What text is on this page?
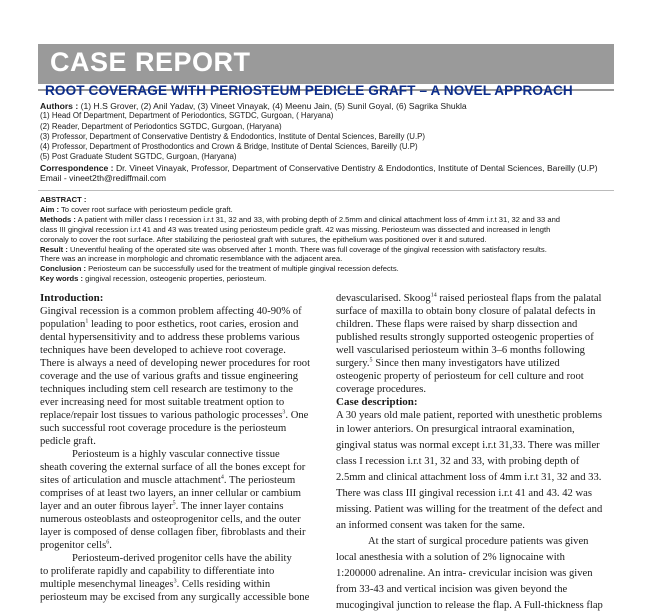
CASE REPORT
ROOT COVERAGE WITH PERIOSTEUM PEDICLE GRAFT – A NOVEL APPROACH
Authors : (1) H.S Grover, (2) Anil Yadav, (3) Vineet Vinayak, (4) Meenu Jain, (5) Sunil Goyal, (6) Sagrika Shukla
(1) Head Of Department, Department of Periodontics, SGTDC, Gurgoan, ( Haryana)
(2) Reader, Department of Periodontics SGTDC, Gurgoan, (Haryana)
(3) Professor, Department of Conservative Dentistry & Endodontics, Institute of Dental Sciences, Bareilly (U.P)
(4) Professor, Department of Prosthodontics and Crown & Bridge, Institute of Dental Sciences, Bareilly (U.P)
(5) Post Graduate Student SGTDC, Gurgoan, (Haryana)
Correspondence : Dr. Vineet Vinayak, Professor, Department of Conservative Dentistry & Endodontics, Institute of Dental Sciences, Bareilly (U.P)
Email - vineet2th@rediffmail.com
ABSTRACT :
Aim : To cover root surface with periosteum pedicle graft.
Methods : A patient with miller class I recession i.r.t 31, 32 and 33, with probing depth of 2.5mm and clinical attachment loss of 4mm i.r.t 31, 32 and 33 and
class III gingival recession i.r.t 41 and 43 was treated using periosteum pedicle graft. 42 was missing. Periosteum was dissected and increased in length
coronaly to cover the root surface. After stabilizing the periosteal graft with sutures, the epithelium was positioned over it and sutured.
Result : Uneventful healing of the operated site was observed after 1 month. There was full coverage of the gingival recession with satisfactory results.
There was an increase in morphologic and chromatic resemblance with the adjacent area.
Conclusion : Periosteum can be successfully used for the treatment of multiple gingival recession defects.
Key words : gingival recession, osteogenic properties, periosteum.
Introduction:
Gingival recession is a common problem affecting 40-90% of
population$^1$ leading to poor esthetics, root caries, erosion and
dental hypersensitivity and to address these problems various
techniques have been developed to achieve root coverage.
There is always a need of developing newer procedures for root
coverage and the use of various grafts and tissue engineering
techniques including stem cell research are testimony to the
ever increasing need for most suitable treatment option to
replace/repair lost tissues to various pathologic processes$^3$. One
such successful root coverage procedure is the periosteum
pedicle graft.
Periosteum is a highly vascular connective tissue
sheath covering the external surface of all the bones except for
sites of articulation and muscle attachment$^4$. The periosteum
comprises of at least two layers, an inner cellular or cambium
layer and an outer fibrous layer$^5$. The inner layer contains
numerous osteoblasts and osteoprogenitor cells, and the outer
layer is composed of dense collagen fiber, fibroblasts and their
progenitor cells$^6$.
Periosteum-derived progenitor cells have the ability
to proliferate rapidly and capability to differentiate into
multiple mesenchymal lineages$^3$. Cells residing within
periosteum may be excised from any surgically accessible bone
devascularised. Skoog$^{14}$ raised periosteal flaps from the palatal
surface of maxilla to obtain bony closure of palatal defects in
children. These flaps were raised by sharp dissection and
published results strongly supported osteogenic properties of
well vascularised periosteum within 3–6 months following
surgery.$^5$ Since then many investigators have utilized
osteogenic property of periosteum for cell culture and root
coverage procedures.
Case description:
A 30 years old male patient, reported with unesthetic problems
in lower anteriors. On presurgical intraoral examination,
gingival status was normal except i.r.t 31,33. There was miller
class I recession i.r.t 31, 32 and 33, with probing depth of
2.5mm and clinical attachment loss of 4mm i.r.t 31, 32 and 33.
There was class III gingival recession i.r.t 41 and 43. 42 was
missing. Patient was willing for the treatment of the defect and
an informed consent was taken for the same.
At the start of surgical procedure patients was given
local anesthesia with a solution of 2% lignocaine with
1:200000 adrenaline. An intra- crevicular incision was given
from 33-43 and vertical incision was given beyond the
mucogingival junction to release the flap. A Full-thickness flap
